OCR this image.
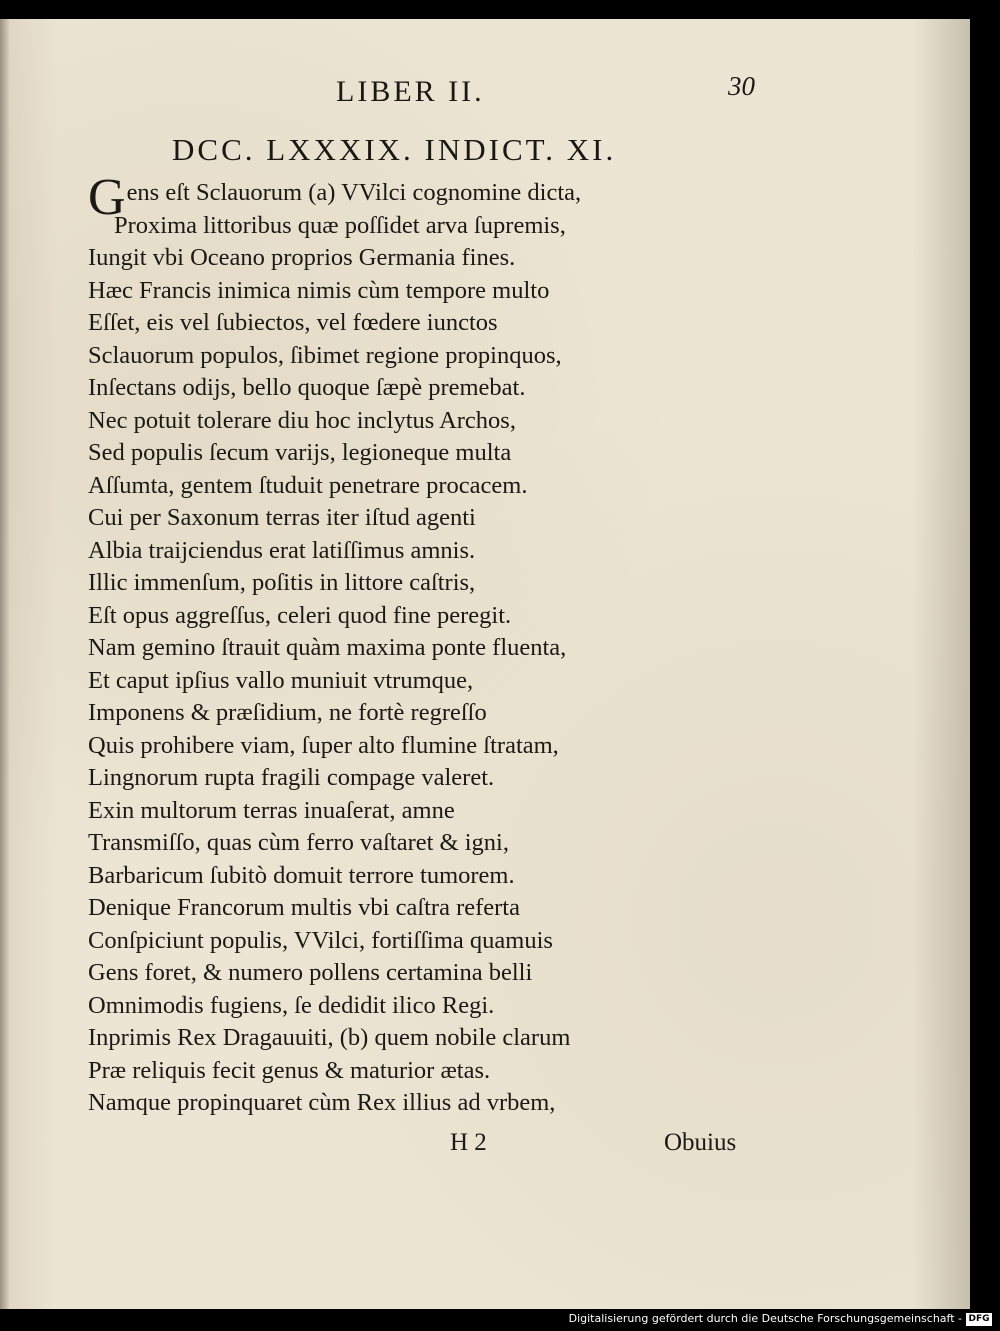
LIBER II.	30
DCC. LXXXIX. INDICT. XI.
Gens eſt Sclauorum (a) VVilci cognomine dicta,
Proxima littoribus quæ poſſidet arva ſupremis,
Iungit vbi Oceano proprios Germania fines.
Hæc Francis inimica nimis cùm tempore multo
Eſſet, eis vel ſubiectos, vel fœdere iunctos
Sclauorum populos, ſibimet regione propinquos,
Inſectans odijs, bello quoque ſæpè premebat.
Nec potuit tolerare diu hoc inclytus Archos,
Sed populis ſecum varijs, legioneque multa
Aſſumta, gentem ſtuduit penetrare procacem.
Cui per Saxonum terras iter iſtud agenti
Albia traijciendus erat latiſſimus amnis.
Illic immenſum, poſitis in littore caſtris,
Eſt opus aggreſſus, celeri quod fine peregit.
Nam gemino ſtrauit quàm maxima ponte fluenta,
Et caput ipſius vallo muniuit vtrumque,
Imponens & præſidium, ne fortè regreſſo
Quis prohibere viam, ſuper alto flumine ſtratam,
Lingnorum rupta fragili compage valeret.
Exin multorum terras inuaſerat, amne
Transmiſſo, quas cùm ferro vaſtaret & igni,
Barbaricum ſubitò domuit terrore tumorem.
Denique Francorum multis vbi caſtra referta
Conſpiciunt populis, VVilci, fortiſſima quamuis
Gens foret, & numero pollens certamina belli
Omnimodis fugiens, ſe dedidit ilico Regi.
Inprimis Rex Dragauuiti, (b) quem nobile clarum
Præ reliquis fecit genus & maturior ætas.
Namque propinquaret cùm Rex illius ad vrbem,
H 2	Obuius
Digitalisierung gefördert durch die Deutsche Forschungsgemeinschaft - DFG
